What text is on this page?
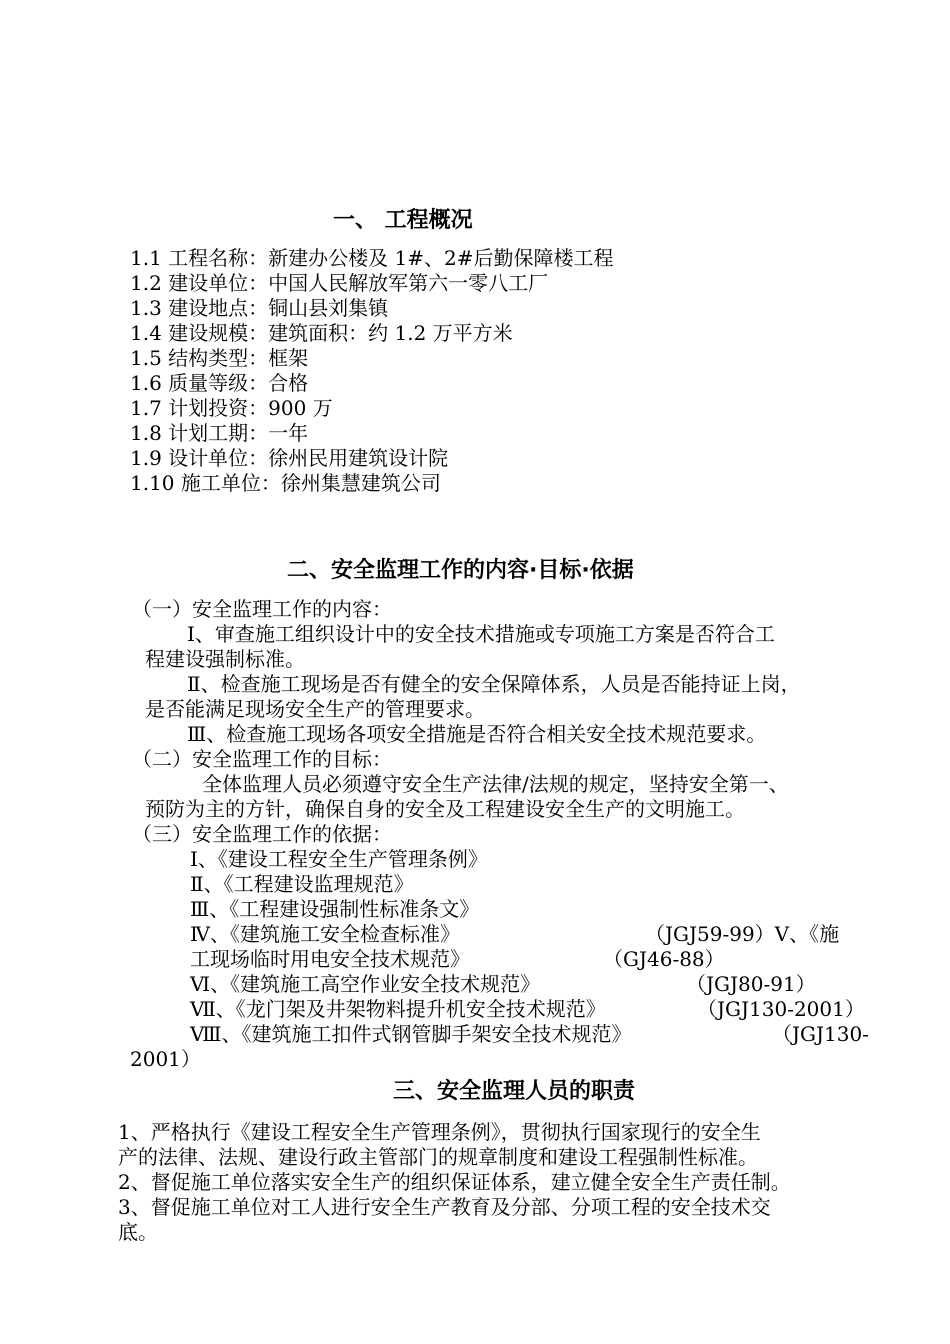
一、 工程概况
1.1 工程名称：新建办公楼及 1#、2#后勤保障楼工程
1.2 建设单位：中国人民解放军第六一零八工厂
1.3 建设地点：铜山县刘集镇
1.4 建设规模：建筑面积：约 1.2 万平方米
1.5 结构类型：框架
1.6 质量等级：合格
1.7 计划投资：900 万
1.8 计划工期：一年
1.9 设计单位：徐州民用建筑设计院
1.10 施工单位：徐州集慧建筑公司
二、安全监理工作的内容·目标·依据
（一）安全监理工作的内容：
Ⅰ、审查施工组织设计中的安全技术措施或专项施工方案是否符合工
程建设强制标准。
Ⅱ、检查施工现场是否有健全的安全保障体系，人员是否能持证上岗，
是否能满足现场安全生产的管理要求。
Ⅲ、检查施工现场各项安全措施是否符合相关安全技术规范要求。
（二）安全监理工作的目标：
全体监理人员必须遵守安全生产法律/法规的规定，坚持安全第一、
预防为主的方针，确保自身的安全及工程建设安全生产的文明施工。
（三）安全监理工作的依据：
Ⅰ、《建设工程安全生产管理条例》
Ⅱ、《工程建设监理规范》
Ⅲ、《工程建设强制性标准条文》
Ⅳ、《建筑施工安全检查标准》	（JGJ59-99）Ⅴ、《施
工现场临时用电安全技术规范》	（GJ46-88）
Ⅵ、《建筑施工高空作业安全技术规范》	（JGJ80-91）
Ⅶ、《龙门架及井架物料提升机安全技术规范》	（JGJ130-2001）
Ⅷ、《建筑施工扣件式钢管脚手架安全技术规范》	（JGJ130-
2001）
三、安全监理人员的职责
1、严格执行《建设工程安全生产管理条例》，贯彻执行国家现行的安全生
产的法律、法规、建设行政主管部门的规章制度和建设工程强制性标准。
2、督促施工单位落实安全生产的组织保证体系，建立健全安全生产责任制。
3、督促施工单位对工人进行安全生产教育及分部、分项工程的安全技术交
底。
